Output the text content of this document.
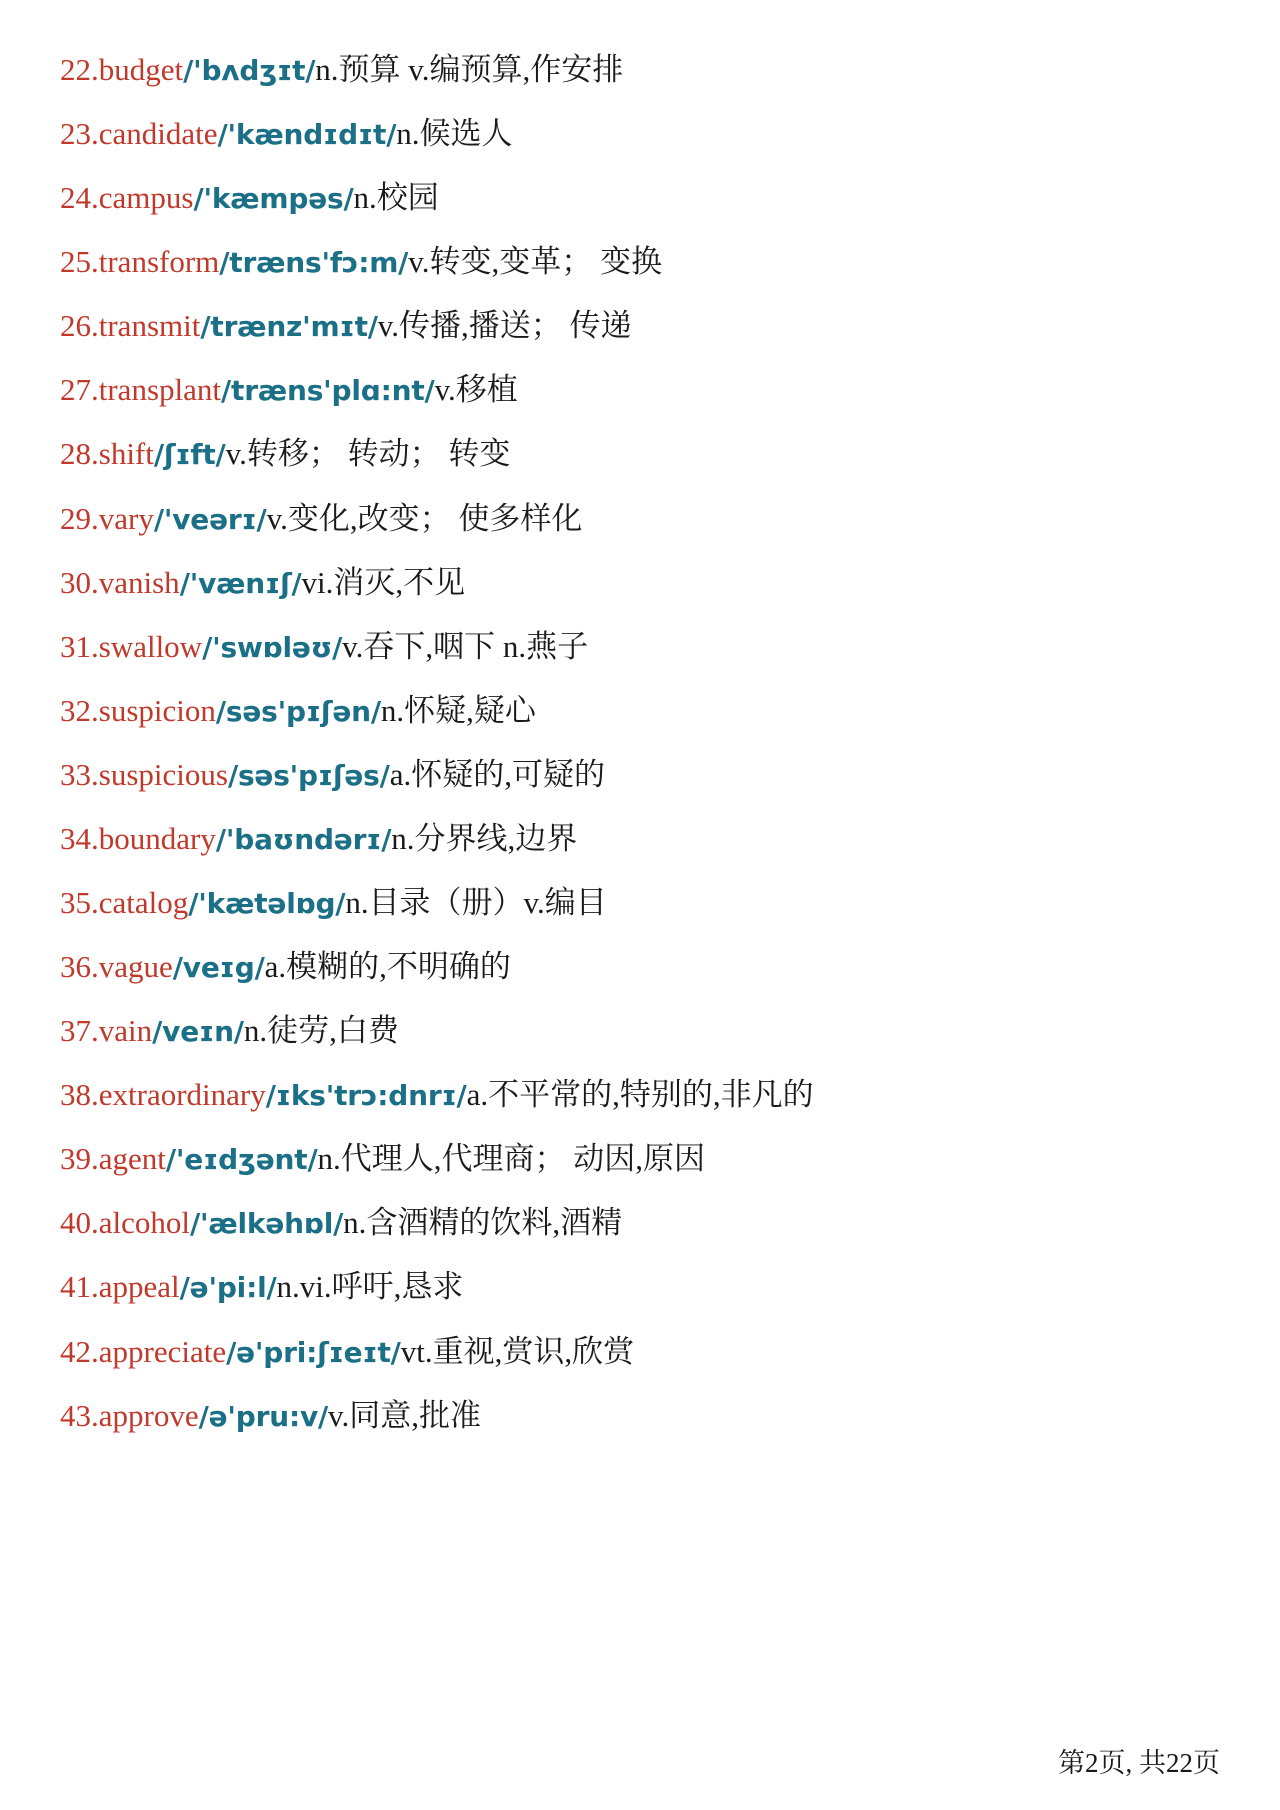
22.budget/'bʌdʒɪt/n.预算 v.编预算,作安排
23.candidate/'kændɪdɪt/n.候选人
24.campus/'kæmpəs/n.校园
25.transform/træns'fɔ:m/v.转变,变革； 变换
26.transmit/trænz'mɪt/v.传播,播送； 传递
27.transplant/træns'plɑ:nt/v.移植
28.shift/ʃɪft/v.转移； 转动； 转变
29.vary/'veərɪ/v.变化,改变； 使多样化
30.vanish/'vænɪʃ/vi.消灭,不见
31.swallow/'swɒləʊ/v.吞下,咽下 n.燕子
32.suspicion/səs'pɪʃən/n.怀疑,疑心
33.suspicious/səs'pɪʃəs/a.怀疑的,可疑的
34.boundary/'baʊndərɪ/n.分界线,边界
35.catalog/'kætəlɒg/n.目录（册）v.编目
36.vague/veɪg/a.模糊的,不明确的
37.vain/veɪn/n.徒劳,白费
38.extraordinary/ɪks'trɔ:dnrɪ/a.不平常的,特别的,非凡的
39.agent/'eɪdʒənt/n.代理人,代理商； 动因,原因
40.alcohol/'ælkəhɒl/n.含酒精的饮料,酒精
41.appeal/ə'pi:l/n.vi.呼吁,恳求
42.appreciate/ə'pri:ʃɪeɪt/vt.重视,赏识,欣赏
43.approve/ə'pru:v/v.同意,批准
第2页, 共22页
